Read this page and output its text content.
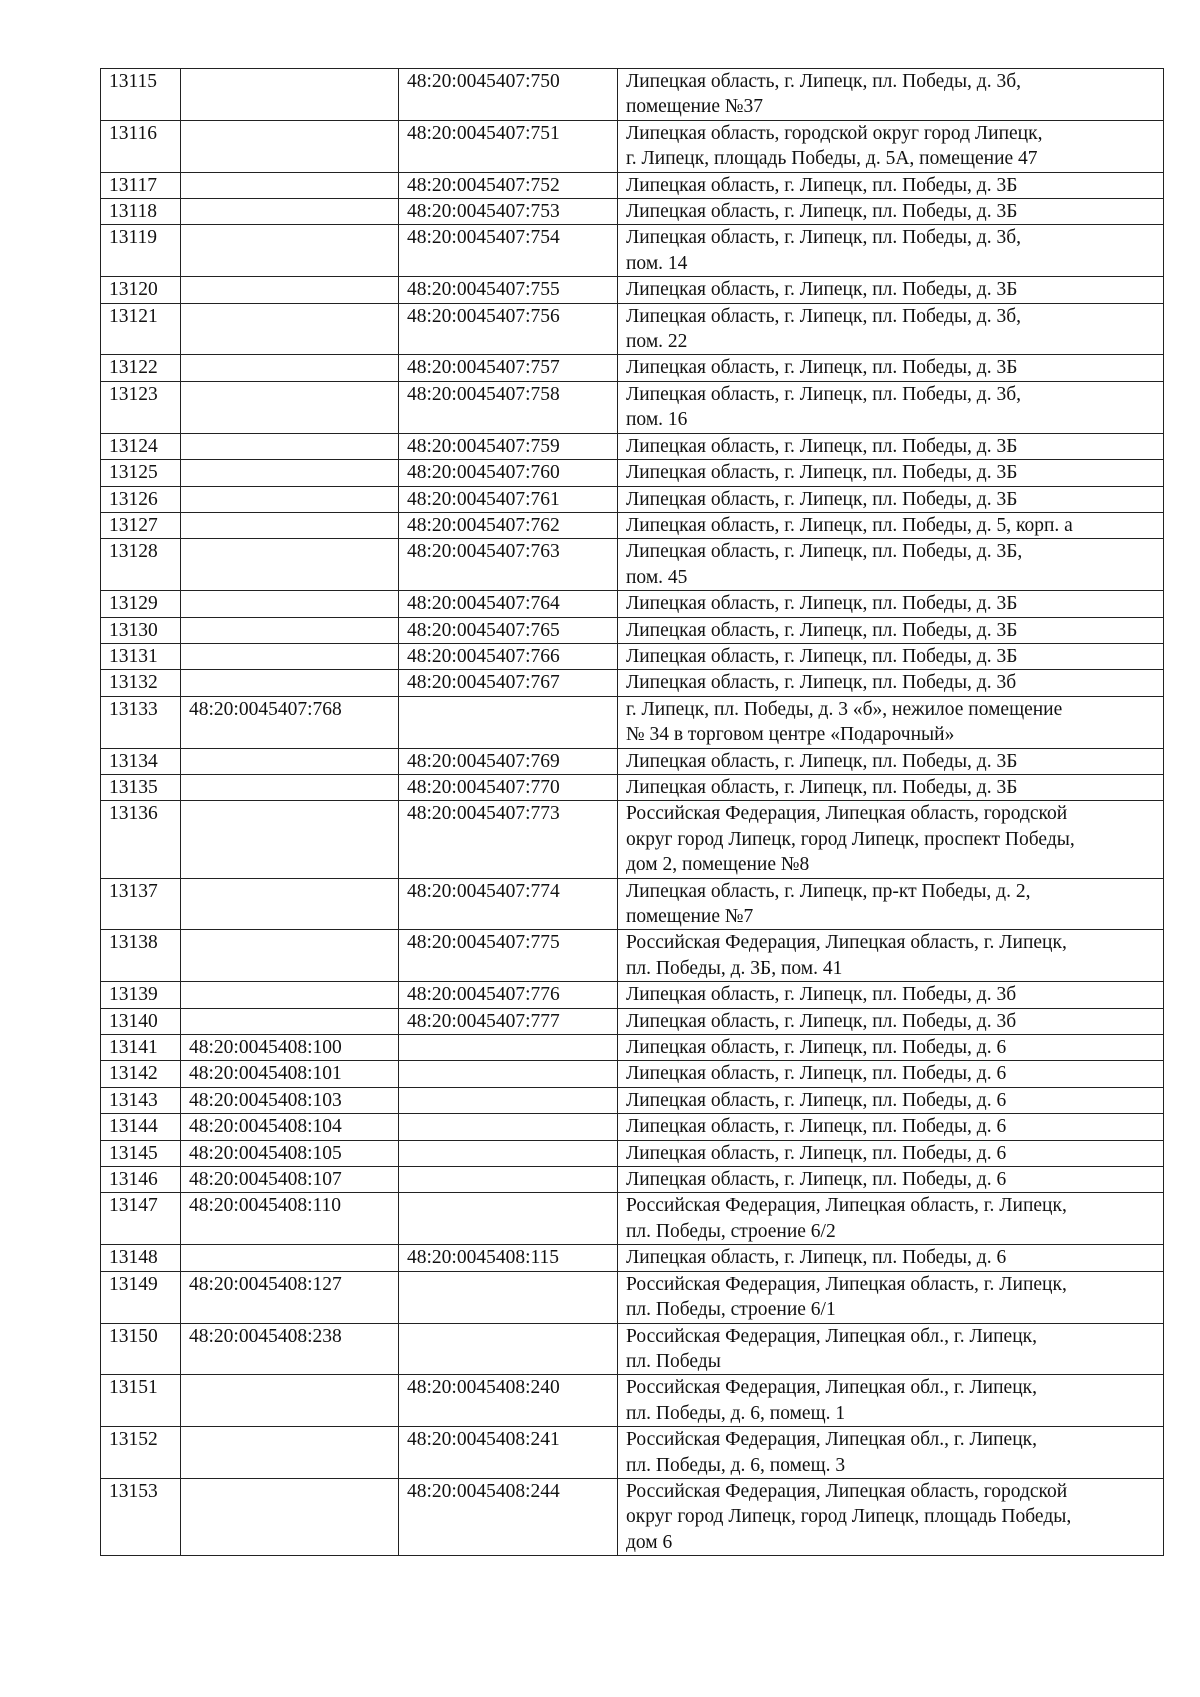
13115		48:20:0045407:750	Липецкая область, г. Липецк, пл. Победы, д. 3б,
помещение №37
13116		48:20:0045407:751	Липецкая область, городской округ город Липецк,
г. Липецк, площадь Победы, д. 5А, помещение 47
13117		48:20:0045407:752	Липецкая область, г. Липецк, пл. Победы, д. 3Б
13118		48:20:0045407:753	Липецкая область, г. Липецк, пл. Победы, д. 3Б
13119		48:20:0045407:754	Липецкая область, г. Липецк, пл. Победы, д. 3б,
пом. 14
13120		48:20:0045407:755	Липецкая область, г. Липецк, пл. Победы, д. 3Б
13121		48:20:0045407:756	Липецкая область, г. Липецк, пл. Победы, д. 3б,
пом. 22
13122		48:20:0045407:757	Липецкая область, г. Липецк, пл. Победы, д. 3Б
13123		48:20:0045407:758	Липецкая область, г. Липецк, пл. Победы, д. 3б,
пом. 16
13124		48:20:0045407:759	Липецкая область, г. Липецк, пл. Победы, д. 3Б
13125		48:20:0045407:760	Липецкая область, г. Липецк, пл. Победы, д. 3Б
13126		48:20:0045407:761	Липецкая область, г. Липецк, пл. Победы, д. 3Б
13127		48:20:0045407:762	Липецкая область, г. Липецк, пл. Победы, д. 5, корп. а
13128		48:20:0045407:763	Липецкая область, г. Липецк, пл. Победы, д. 3Б,
пом. 45
13129		48:20:0045407:764	Липецкая область, г. Липецк, пл. Победы, д. 3Б
13130		48:20:0045407:765	Липецкая область, г. Липецк, пл. Победы, д. 3Б
13131		48:20:0045407:766	Липецкая область, г. Липецк, пл. Победы, д. 3Б
13132		48:20:0045407:767	Липецкая область, г. Липецк, пл. Победы, д. 3б
13133	48:20:0045407:768		г. Липецк, пл. Победы, д. 3 «б», нежилое помещение
№ 34 в торговом центре «Подарочный»
13134		48:20:0045407:769	Липецкая область, г. Липецк, пл. Победы, д. 3Б
13135		48:20:0045407:770	Липецкая область, г. Липецк, пл. Победы, д. 3Б
13136		48:20:0045407:773	Российская Федерация, Липецкая область, городской
округ город Липецк, город Липецк, проспект Победы,
дом 2, помещение №8
13137		48:20:0045407:774	Липецкая область, г. Липецк, пр-кт Победы, д. 2,
помещение №7
13138		48:20:0045407:775	Российская Федерация, Липецкая область, г. Липецк,
пл. Победы, д. 3Б, пом. 41
13139		48:20:0045407:776	Липецкая область, г. Липецк, пл. Победы, д. 3б
13140		48:20:0045407:777	Липецкая область, г. Липецк, пл. Победы, д. 3б
13141	48:20:0045408:100		Липецкая область, г. Липецк, пл. Победы, д. 6
13142	48:20:0045408:101		Липецкая область, г. Липецк, пл. Победы, д. 6
13143	48:20:0045408:103		Липецкая область, г. Липецк, пл. Победы, д. 6
13144	48:20:0045408:104		Липецкая область, г. Липецк, пл. Победы, д. 6
13145	48:20:0045408:105		Липецкая область, г. Липецк, пл. Победы, д. 6
13146	48:20:0045408:107		Липецкая область, г. Липецк, пл. Победы, д. 6
13147	48:20:0045408:110		Российская Федерация, Липецкая область, г. Липецк,
пл. Победы, строение 6/2
13148		48:20:0045408:115	Липецкая область, г. Липецк, пл. Победы, д. 6
13149	48:20:0045408:127		Российская Федерация, Липецкая область, г. Липецк,
пл. Победы, строение 6/1
13150	48:20:0045408:238		Российская Федерация, Липецкая обл., г. Липецк,
пл. Победы
13151		48:20:0045408:240	Российская Федерация, Липецкая обл., г. Липецк,
пл. Победы, д. 6, помещ. 1
13152		48:20:0045408:241	Российская Федерация, Липецкая обл., г. Липецк,
пл. Победы, д. 6, помещ. 3
13153		48:20:0045408:244	Российская Федерация, Липецкая область, городской
округ город Липецк, город Липецк, площадь Победы,
дом 6
